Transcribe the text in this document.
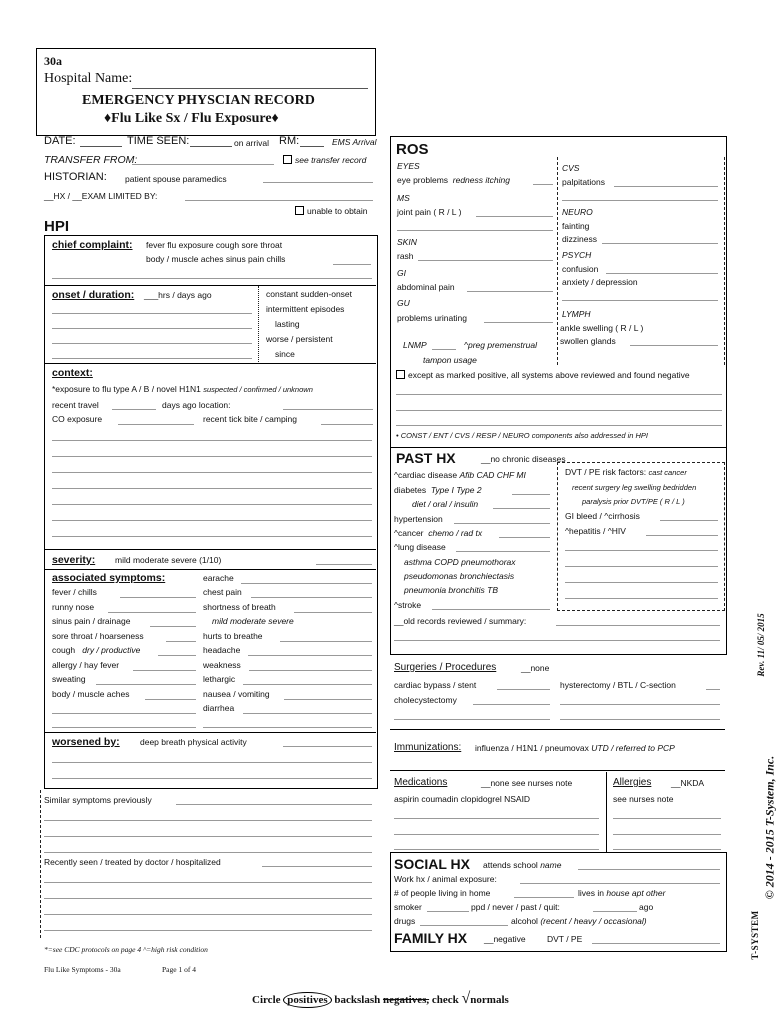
30a
Hospital Name:
EMERGENCY PHYSCIAN RECORD
♦Flu Like Sx / Flu Exposure♦
DATE:	TIME SEEN:	on arrival RM:	EMS Arrival
TRANSFER FROM:	see transfer record
HISTORIAN: patient spouse paramedics
__HX / __EXAM LIMITED BY:
unable to obtain
HPI
chief complaint: fever flu exposure cough sore throat
body / muscle aches sinus pain chills
onset / duration: ___hrs / days ago	constant sudden-onset
intermittent episodes
lasting
worse / persistent
since
context:
*exposure to flu type A / B / novel H1N1 suspected / confirmed / unknown
recent travel	days ago location:
CO exposure	recent tick bite / camping
severity: mild moderate severe (1/10)
associated symptoms:
fever / chills
runny nose
sinus pain / drainage
sore throat / hoarseness
cough dry / productive
allergy / hay fever
sweating
body / muscle aches
earache
chest pain
shortness of breath
mild moderate severe
hurts to breathe
headache
weakness
lethargic
nausea / vomiting
diarrhea
worsened by: deep breath physical activity
Similar symptoms previously
Recently seen / treated by doctor / hospitalized
*=see CDC protocols on page 4 ^=high risk condition
Flu Like Symptoms - 30a	Page 1 of 4
ROS
EYES
eye problems redness itching
MS
joint pain ( R / L )
SKIN
rash
GI
abdominal pain
GU
problems urinating
LNMP	^preg premenstrual
tampon usage
CVS
palpitations
NEURO
fainting
dizziness
PSYCH
confusion
anxiety / depression
LYMPH
ankle swelling ( R / L )
swollen glands
except as marked positive, all systems above reviewed and found negative
• CONST / ENT / CVS / RESP / NEURO components also addressed in HPI
PAST HX	__no chronic diseases
^cardiac disease Afib CAD CHF MI
diabetes Type I Type 2
diet / oral / insulin
hypertension
^cancer chemo / rad tx
^lung disease
asthma COPD pneumothorax
pseudomonas bronchiectasis
pneumonia bronchitis TB
^stroke
DVT / PE risk factors: cast cancer
recent surgery leg swelling bedridden
paralysis prior DVT/PE ( R / L )
GI bleed / ^cirrhosis
^hepatitis / ^HIV
__old records reviewed / summary:
Surgeries / Procedures	__none
cardiac bypass / stent	hysterectomy / BTL / C-section
cholecystectomy
Immunizations: influenza / H1N1 / pneumovax UTD / referred to PCP
Medications	__none see nurses note
aspirin coumadin clopidogrel NSAID
Allergies __NKDA
see nurses note
SOCIAL HX attends school name
Work hx / animal exposure:
# of people living in home	lives in house apt other
smoker	ppd / never / past / quit:	ago
drugs	alcohol (recent / heavy / occasional)
FAMILY HX __negative	DVT / PE
Circle positives backslash negatives, check √normals
© 2014 - 2015 T-System, Inc.
Rev. 11/ 05/ 2015
T-SYSTEM
